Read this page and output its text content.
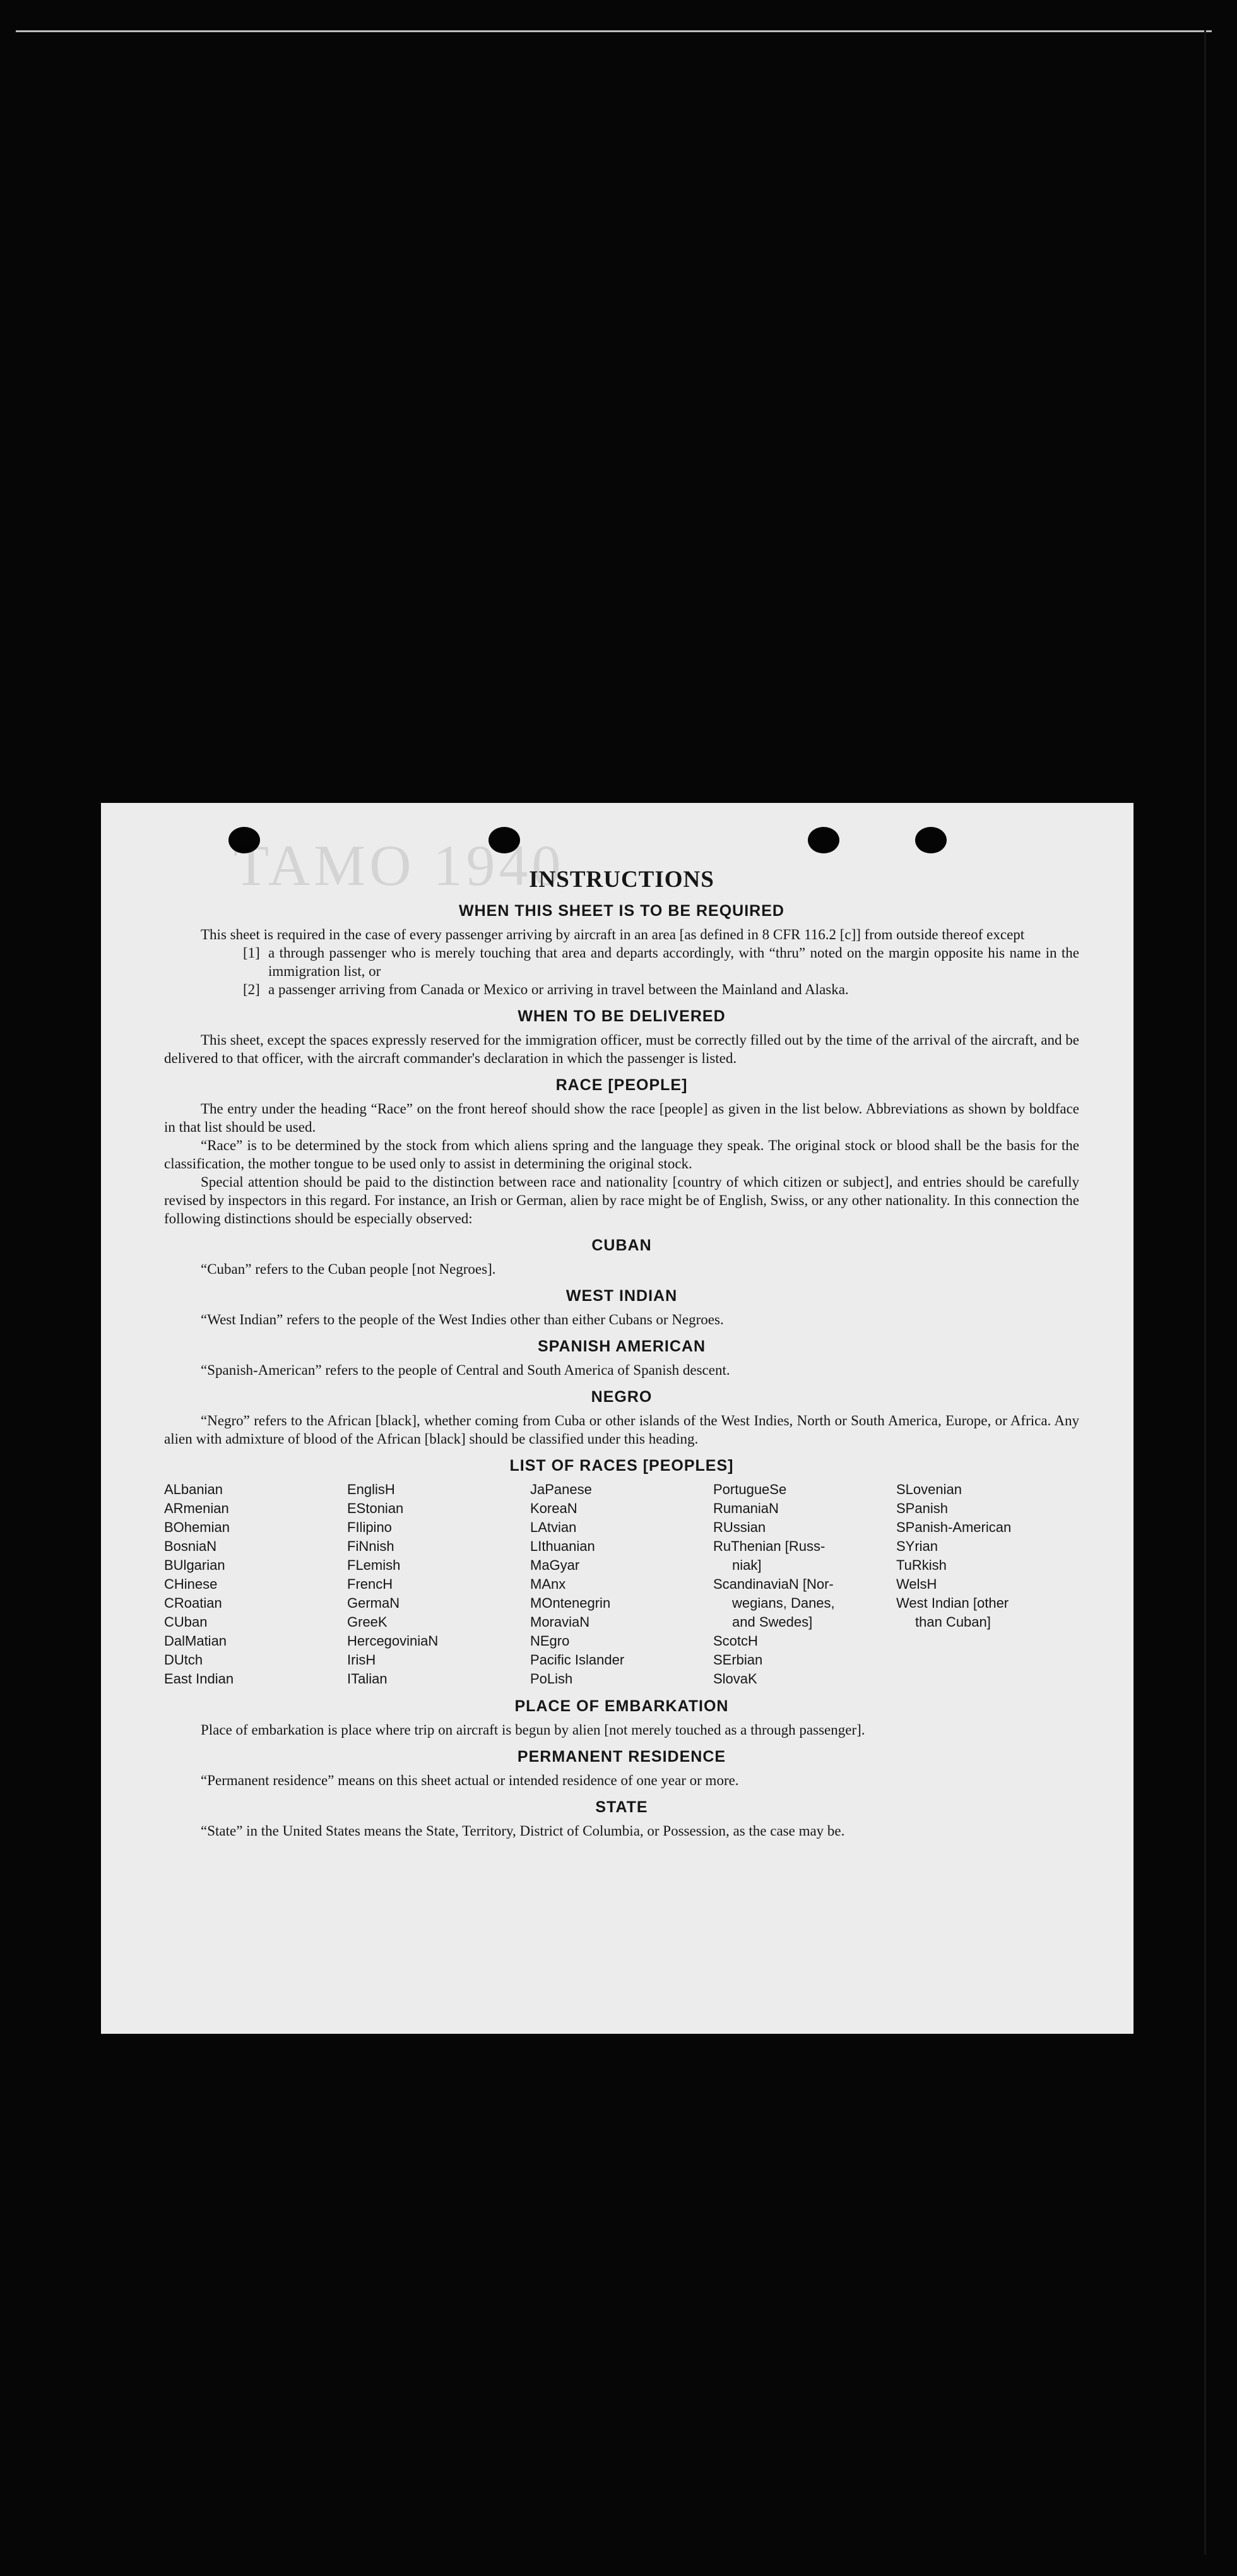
TAMO 1940
INSTRUCTIONS
WHEN THIS SHEET IS TO BE REQUIRED

This sheet is required in the case of every passenger arriving by aircraft in an area [as defined in 8 CFR 116.2 [c]] from outside thereof except

[1] a through passenger who is merely touching that area and departs accordingly, with “thru” noted on the margin opposite his name in the immigration list, or
[2] a passenger arriving from Canada or Mexico or arriving in travel between the Mainland and Alaska.
WHEN TO BE DELIVERED

This sheet, except the spaces expressly reserved for the immigration officer, must be correctly filled out by the time of the arrival of the aircraft, and be delivered to that officer, with the aircraft commander's declaration in which the passenger is listed.

RACE [PEOPLE]

The entry under the heading “Race” on the front hereof should show the race [people] as given in the list below. Abbreviations as shown by boldface in that list should be used.

“Race” is to be determined by the stock from which aliens spring and the language they speak. The original stock or blood shall be the basis for the classification, the mother tongue to be used only to assist in determining the original stock.

Special attention should be paid to the distinction between race and nationality [country of which citizen or subject], and entries should be carefully revised by inspectors in this regard. For instance, an Irish or German, alien by race might be of English, Swiss, or any other nationality. In this connection the following distinctions should be especially observed:

CUBAN

“Cuban” refers to the Cuban people [not Negroes].

WEST INDIAN

“West Indian” refers to the people of the West Indies other than either Cubans or Negroes.

SPANISH AMERICAN

“Spanish-American” refers to the people of Central and South America of Spanish descent.

NEGRO

“Negro” refers to the African [black], whether coming from Cuba or other islands of the West Indies, North or South America, Europe, or Africa. Any alien with admixture of blood of the African [black] should be classified under this heading.

LIST OF RACES [PEOPLES]
ALbanian
ARmenian
BOhemian
BosniaN
BUlgarian
CHinese
CRoatian
CUban
DalMatian
DUtch
East Indian
EnglisH
EStonian
FIlipino
FiNnish
FLemish
FrencH
GermaN
GreeK
HercegoviniaN
IrisH
ITalian
JaPanese
KoreaN
LAtvian
LIthuanian
MaGyar
MAnx
MOntenegrin
MoraviaN
NEgro
Pacific Islander
PoLish
PortugueSe
RumaniaN
RUssian
RuThenian [Russ-
niak]
ScandinaviaN [Nor-
wegians, Danes,
and Swedes]
ScotcH
SErbian
SlovaK
SLovenian
SPanish
SPanish-American
SYrian
TuRkish
WelsH
West Indian [other
than Cuban]
PLACE OF EMBARKATION

Place of embarkation is place where trip on aircraft is begun by alien [not merely touched as a through passenger].

PERMANENT RESIDENCE

“Permanent residence” means on this sheet actual or intended residence of one year or more.

STATE

“State” in the United States means the State, Territory, District of Columbia, or Possession, as the case may be.
